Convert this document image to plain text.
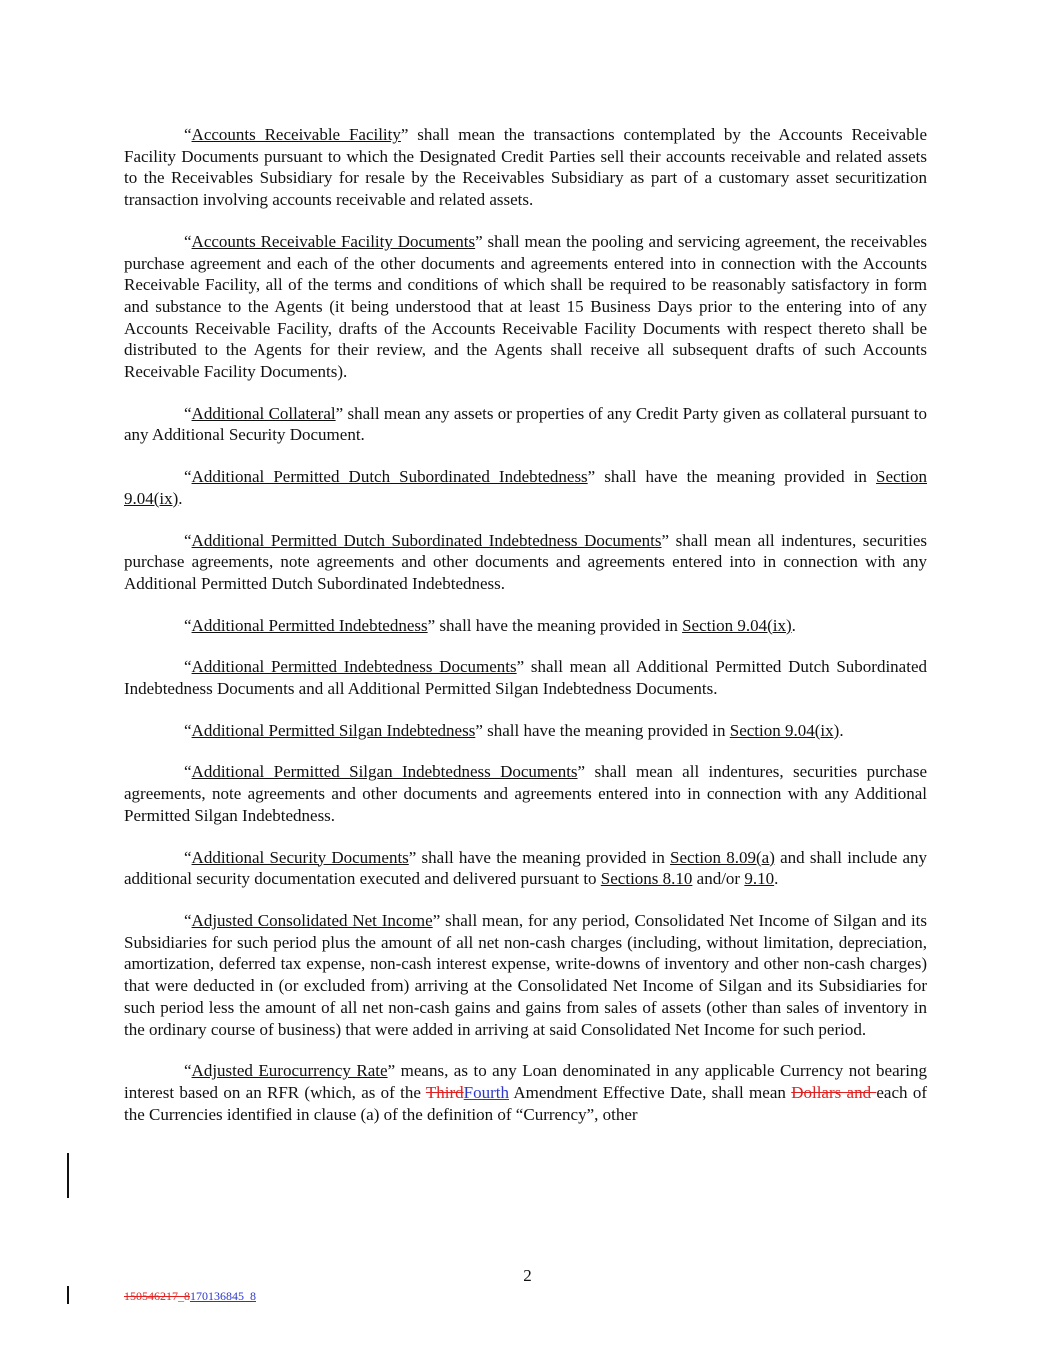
“Accounts Receivable Facility” shall mean the transactions contemplated by the Accounts Receivable Facility Documents pursuant to which the Designated Credit Parties sell their accounts receivable and related assets to the Receivables Subsidiary for resale by the Receivables Subsidiary as part of a customary asset securitization transaction involving accounts receivable and related assets.

“Accounts Receivable Facility Documents” shall mean the pooling and servicing agreement, the receivables purchase agreement and each of the other documents and agreements entered into in connection with the Accounts Receivable Facility, all of the terms and conditions of which shall be required to be reasonably satisfactory in form and substance to the Agents (it being understood that at least 15 Business Days prior to the entering into of any Accounts Receivable Facility, drafts of the Accounts Receivable Facility Documents with respect thereto shall be distributed to the Agents for their review, and the Agents shall receive all subsequent drafts of such Accounts Receivable Facility Documents).

“Additional Collateral” shall mean any assets or properties of any Credit Party given as collateral pursuant to any Additional Security Document.

“Additional Permitted Dutch Subordinated Indebtedness” shall have the meaning provided in Section 9.04(ix).

“Additional Permitted Dutch Subordinated Indebtedness Documents” shall mean all indentures, securities purchase agreements, note agreements and other documents and agreements entered into in connection with any Additional Permitted Dutch Subordinated Indebtedness.

“Additional Permitted Indebtedness” shall have the meaning provided in Section 9.04(ix).

“Additional Permitted Indebtedness Documents” shall mean all Additional Permitted Dutch Subordinated Indebtedness Documents and all Additional Permitted Silgan Indebtedness Documents.

“Additional Permitted Silgan Indebtedness” shall have the meaning provided in Section 9.04(ix).

“Additional Permitted Silgan Indebtedness Documents” shall mean all indentures, securities purchase agreements, note agreements and other documents and agreements entered into in connection with any Additional Permitted Silgan Indebtedness.

“Additional Security Documents” shall have the meaning provided in Section 8.09(a) and shall include any additional security documentation executed and delivered pursuant to Sections 8.10 and/or 9.10.

“Adjusted Consolidated Net Income” shall mean, for any period, Consolidated Net Income of Silgan and its Subsidiaries for such period plus the amount of all net non-cash charges (including, without limitation, depreciation, amortization, deferred tax expense, non-cash interest expense, write-downs of inventory and other non-cash charges) that were deducted in (or excluded from) arriving at the Consolidated Net Income of Silgan and its Subsidiaries for such period less the amount of all net non-cash gains and gains from sales of assets (other than sales of inventory in the ordinary course of business) that were added in arriving at said Consolidated Net Income for such period.

“Adjusted Eurocurrency Rate” means, as to any Loan denominated in any applicable Currency not bearing interest based on an RFR (which, as of the ThirdFourth Amendment Effective Date, shall mean Dollars and each of the Currencies identified in clause (a) of the definition of “Currency”, other

2
150546217_8170136845_8
